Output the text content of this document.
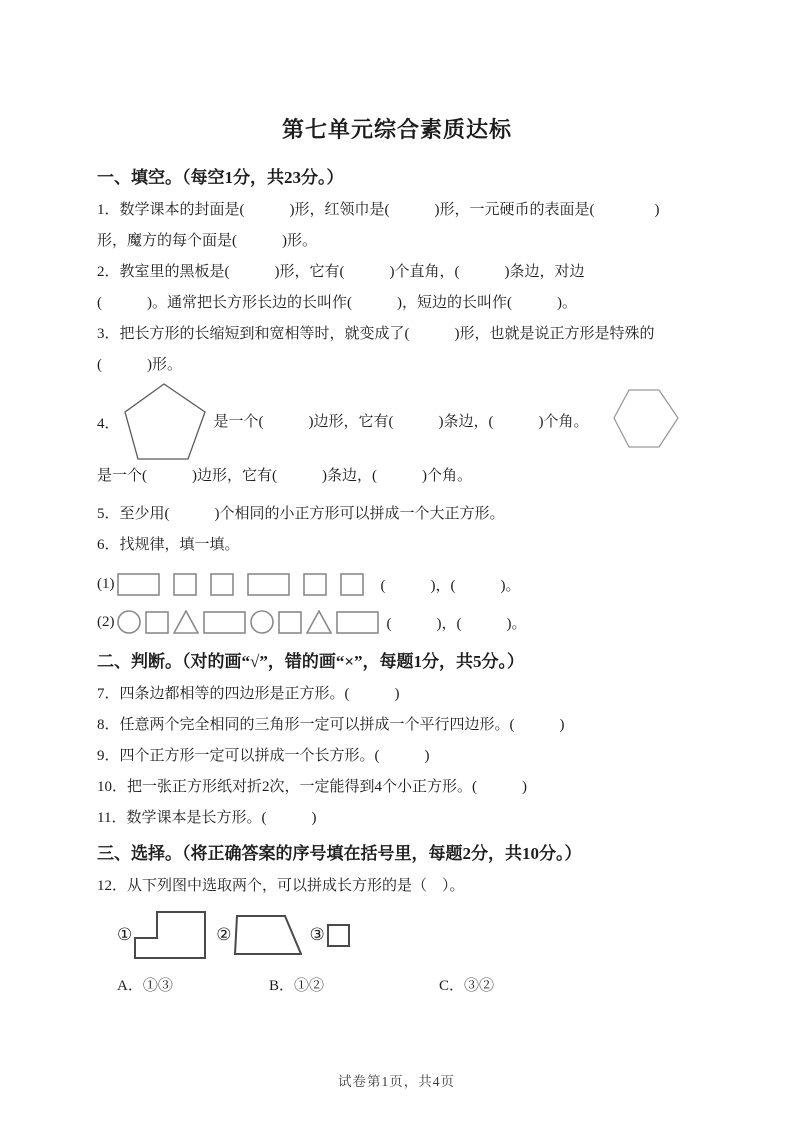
第七单元综合素质达标
一、填空。（每空1分，共23分。）
1．数学课本的封面是(　　　)形，红领巾是(　　　)形，一元硬币的表面是(　　　　)
形，魔方的每个面是(　　　)形。
2．教室里的黑板是(　　　)形，它有(　　　)个直角，(　　　)条边，对边
(　　　)。通常把长方形长边的长叫作(　　　)，短边的长叫作(　　　)。
3．把长方形的长缩短到和宽相等时，就变成了(　　　)形，也就是说正方形是特殊的
(　　　)形。
4．	是一个(　　　)边形，它有(　　　)条边，(　　　)个角。
是一个(　　　)边形，它有(　　　)条边，(　　　)个角。
5．至少用(　　　)个相同的小正方形可以拼成一个大正方形。
6．找规律，填一填。
(1)	(　　　)，(　　　)。
(2)	(　　　)，(　　　)。
二、判断。（对的画“√”，错的画“×”，每题1分，共5分。）
7．四条边都相等的四边形是正方形。(　　　)
8．任意两个完全相同的三角形一定可以拼成一个平行四边形。(　　　)
9．四个正方形一定可以拼成一个长方形。(　　　)
10．把一张正方形纸对折2次，一定能得到4个小正方形。(　　　)
11．数学课本是长方形。(　　　)
三、选择。（将正确答案的序号填在括号里，每题2分，共10分。）
12．从下列图中选取两个，可以拼成长方形的是（　）。
①	②	③
A．①③	B．①②	C．③②
试卷第1页，共4页
